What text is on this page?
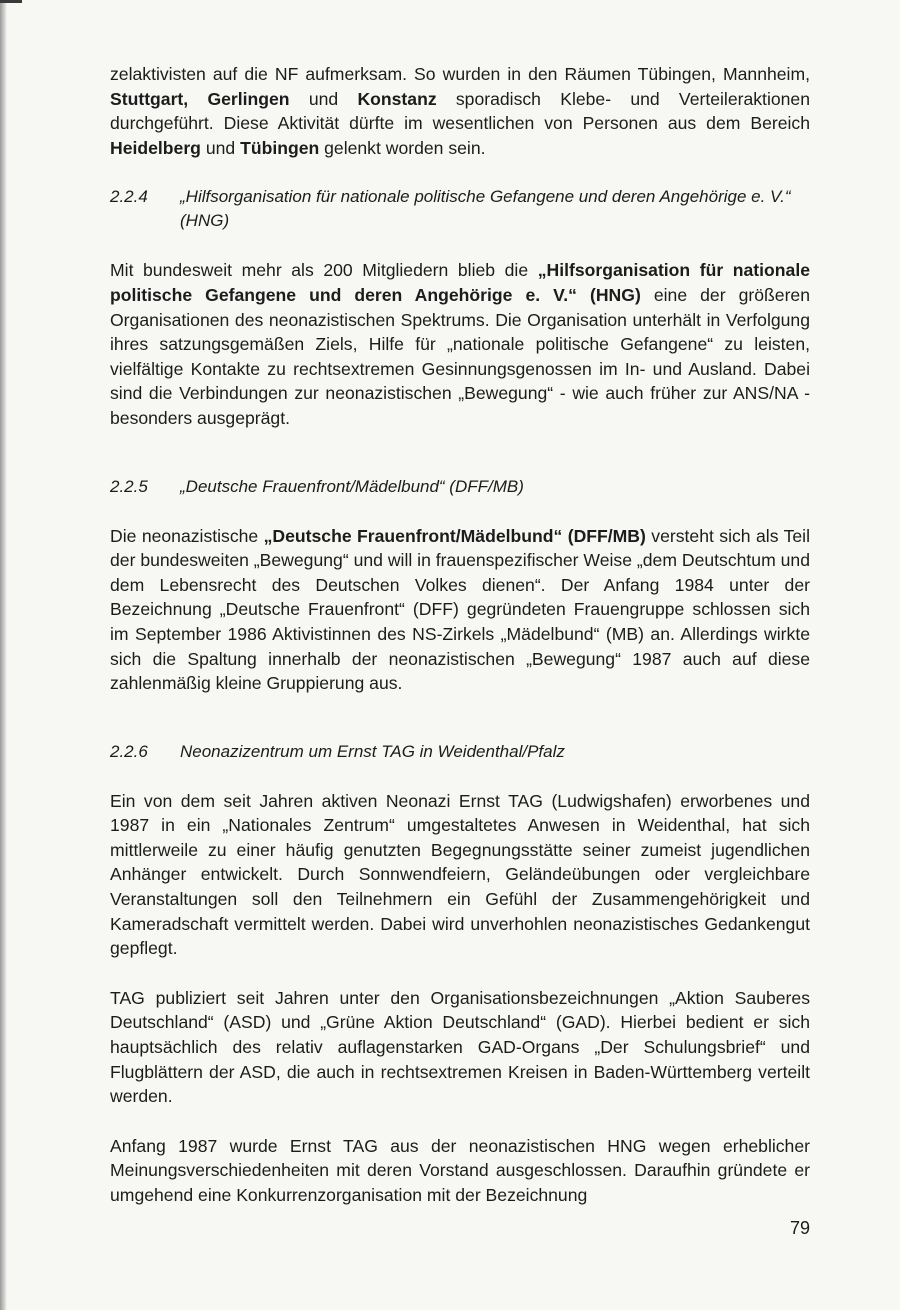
zelaktivisten auf die NF aufmerksam. So wurden in den Räumen Tübingen, Mannheim, Stuttgart, Gerlingen und Konstanz sporadisch Klebe- und Verteileraktionen durchgeführt. Diese Aktivität dürfte im wesentlichen von Personen aus dem Bereich Heidelberg und Tübingen gelenkt worden sein.

2.2.4	„Hilfsorganisation für nationale politische Gefangene und deren Angehörige e. V.“ (HNG)

Mit bundesweit mehr als 200 Mitgliedern blieb die „Hilfsorganisation für nationale politische Gefangene und deren Angehörige e. V.“ (HNG) eine der größeren Organisationen des neonazistischen Spektrums. Die Organisation unterhält in Verfolgung ihres satzungsgemäßen Ziels, Hilfe für „nationale politische Gefangene“ zu leisten, vielfältige Kontakte zu rechtsextremen Gesinnungsgenossen im In- und Ausland. Dabei sind die Verbindungen zur neonazistischen „Bewegung“ - wie auch früher zur ANS/NA - besonders ausgeprägt.

2.2.5	„Deutsche Frauenfront/Mädelbund“ (DFF/MB)

Die neonazistische „Deutsche Frauenfront/Mädelbund“ (DFF/MB) versteht sich als Teil der bundesweiten „Bewegung“ und will in frauenspezifischer Weise „dem Deutschtum und dem Lebensrecht des Deutschen Volkes dienen“. Der Anfang 1984 unter der Bezeichnung „Deutsche Frauenfront“ (DFF) gegründeten Frauengruppe schlossen sich im September 1986 Aktivistinnen des NS-Zirkels „Mädelbund“ (MB) an. Allerdings wirkte sich die Spaltung innerhalb der neonazistischen „Bewegung“ 1987 auch auf diese zahlenmäßig kleine Gruppierung aus.

2.2.6	Neonazizentrum um Ernst TAG in Weidenthal/Pfalz

Ein von dem seit Jahren aktiven Neonazi Ernst TAG (Ludwigshafen) erworbenes und 1987 in ein „Nationales Zentrum“ umgestaltetes Anwesen in Weidenthal, hat sich mittlerweile zu einer häufig genutzten Begegnungsstätte seiner zumeist jugendlichen Anhänger entwickelt. Durch Sonnwendfeiern, Geländeübungen oder vergleichbare Veranstaltungen soll den Teilnehmern ein Gefühl der Zusammengehörigkeit und Kameradschaft vermittelt werden. Dabei wird unverhohlen neonazistisches Gedankengut gepflegt.

TAG publiziert seit Jahren unter den Organisationsbezeichnungen „Aktion Sauberes Deutschland“ (ASD) und „Grüne Aktion Deutschland“ (GAD). Hierbei bedient er sich hauptsächlich des relativ auflagenstarken GAD-Organs „Der Schulungsbrief“ und Flugblättern der ASD, die auch in rechtsextremen Kreisen in Baden-Württemberg verteilt werden.

Anfang 1987 wurde Ernst TAG aus der neonazistischen HNG wegen erheblicher Meinungsverschiedenheiten mit deren Vorstand ausgeschlossen. Daraufhin gründete er umgehend eine Konkurrenzorganisation mit der Bezeichnung

79
